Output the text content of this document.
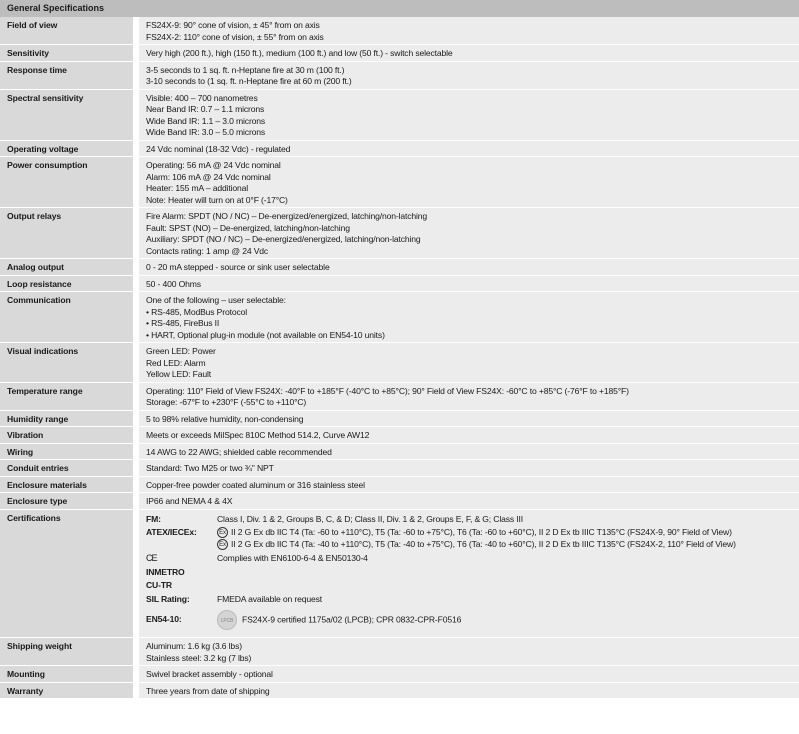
General Specifications
Field of view	FS24X-9: 90° cone of vision, ± 45° from on axis
FS24X-2: 110° cone of vision, ± 55° from on axis
Sensitivity	Very high (200 ft.), high (150 ft.), medium (100 ft.) and low (50 ft.) - switch selectable
Response time	3-5 seconds to 1 sq. ft. n-Heptane fire at 30 m (100 ft.)
3-10 seconds to (1 sq. ft. n-Heptane fire at 60 m (200 ft.)
Spectral sensitivity	Visible: 400 – 700 nanometres
Near Band IR: 0.7 – 1.1 microns
Wide Band IR: 1.1 – 3.0 microns
Wide Band IR: 3.0 – 5.0 microns
Operating voltage	24 Vdc nominal (18-32 Vdc) - regulated
Power consumption	Operating: 56 mA @ 24 Vdc nominal
Alarm: 106 mA @ 24 Vdc nominal
Heater: 155 mA – additional
Note: Heater will turn on at 0°F (-17°C)
Output relays	Fire Alarm: SPDT (NO / NC) – De-energized/energized, latching/non-latching
Fault: SPST (NO) – De-energized, latching/non-latching
Auxiliary: SPDT (NO / NC) – De-energized/energized, latching/non-latching
Contacts rating: 1 amp @ 24 Vdc
Analog output	0 - 20 mA stepped - source or sink user selectable
Loop resistance	50 - 400 Ohms
Communication	One of the following – user selectable:
• RS-485, ModBus Protocol
• RS-485, FireBus II
• HART, Optional plug-in module (not available on EN54-10 units)
Visual indications	Green LED: Power
Red LED: Alarm
Yellow LED: Fault
Temperature range	Operating: 110° Field of View FS24X: -40°F to +185°F (-40°C to +85°C); 90° Field of View FS24X: -60°C to +85°C (-76°F to +185°F)
Storage: -67°F to +230°F (-55°C to +110°C)
Humidity range	5 to 98% relative humidity, non-condensing
Vibration	Meets or exceeds MilSpec 810C Method 514.2, Curve AW12
Wiring	14 AWG to 22 AWG; shielded cable recommended
Conduit entries	Standard: Two M25 or two ¾" NPT
Enclosure materials	Copper-free powder coated aluminum or 316 stainless steel
Enclosure type	IP66 and NEMA 4 & 4X
Certifications	FM:	Class I, Div. 1 & 2, Groups B, C, & D; Class II, Div. 1 & 2, Groups E, F, & G; Class III
ATEX/IECEx:	Ex II 2 G Ex db IIC T4 (Ta: -60 to +110°C), T5 (Ta: -60 to +75°C), T6 (Ta: -60 to +60°C), II 2 D Ex tb IIIC T135°C (FS24X-9, 90° Field of View)
Ex II 2 G Ex db IIC T4 (Ta: -40 to +110°C), T5 (Ta: -40 to +75°C), T6 (Ta: -40 to +60°C), II 2 D Ex tb IIIC T135°C (FS24X-2, 110° Field of View)
CE	Complies with EN6100-6-4 & EN50130-4
INMETRO
CU-TR
SIL Rating:	FMEDA available on request
EN54-10:	LPCB FS24X-9 certified 1175a/02 (LPCB); CPR 0832-CPR-F0516
Shipping weight	Aluminum: 1.6 kg (3.6 lbs)
Stainless steel: 3.2 kg (7 lbs)
Mounting	Swivel bracket assembly - optional
Warranty	Three years from date of shipping
